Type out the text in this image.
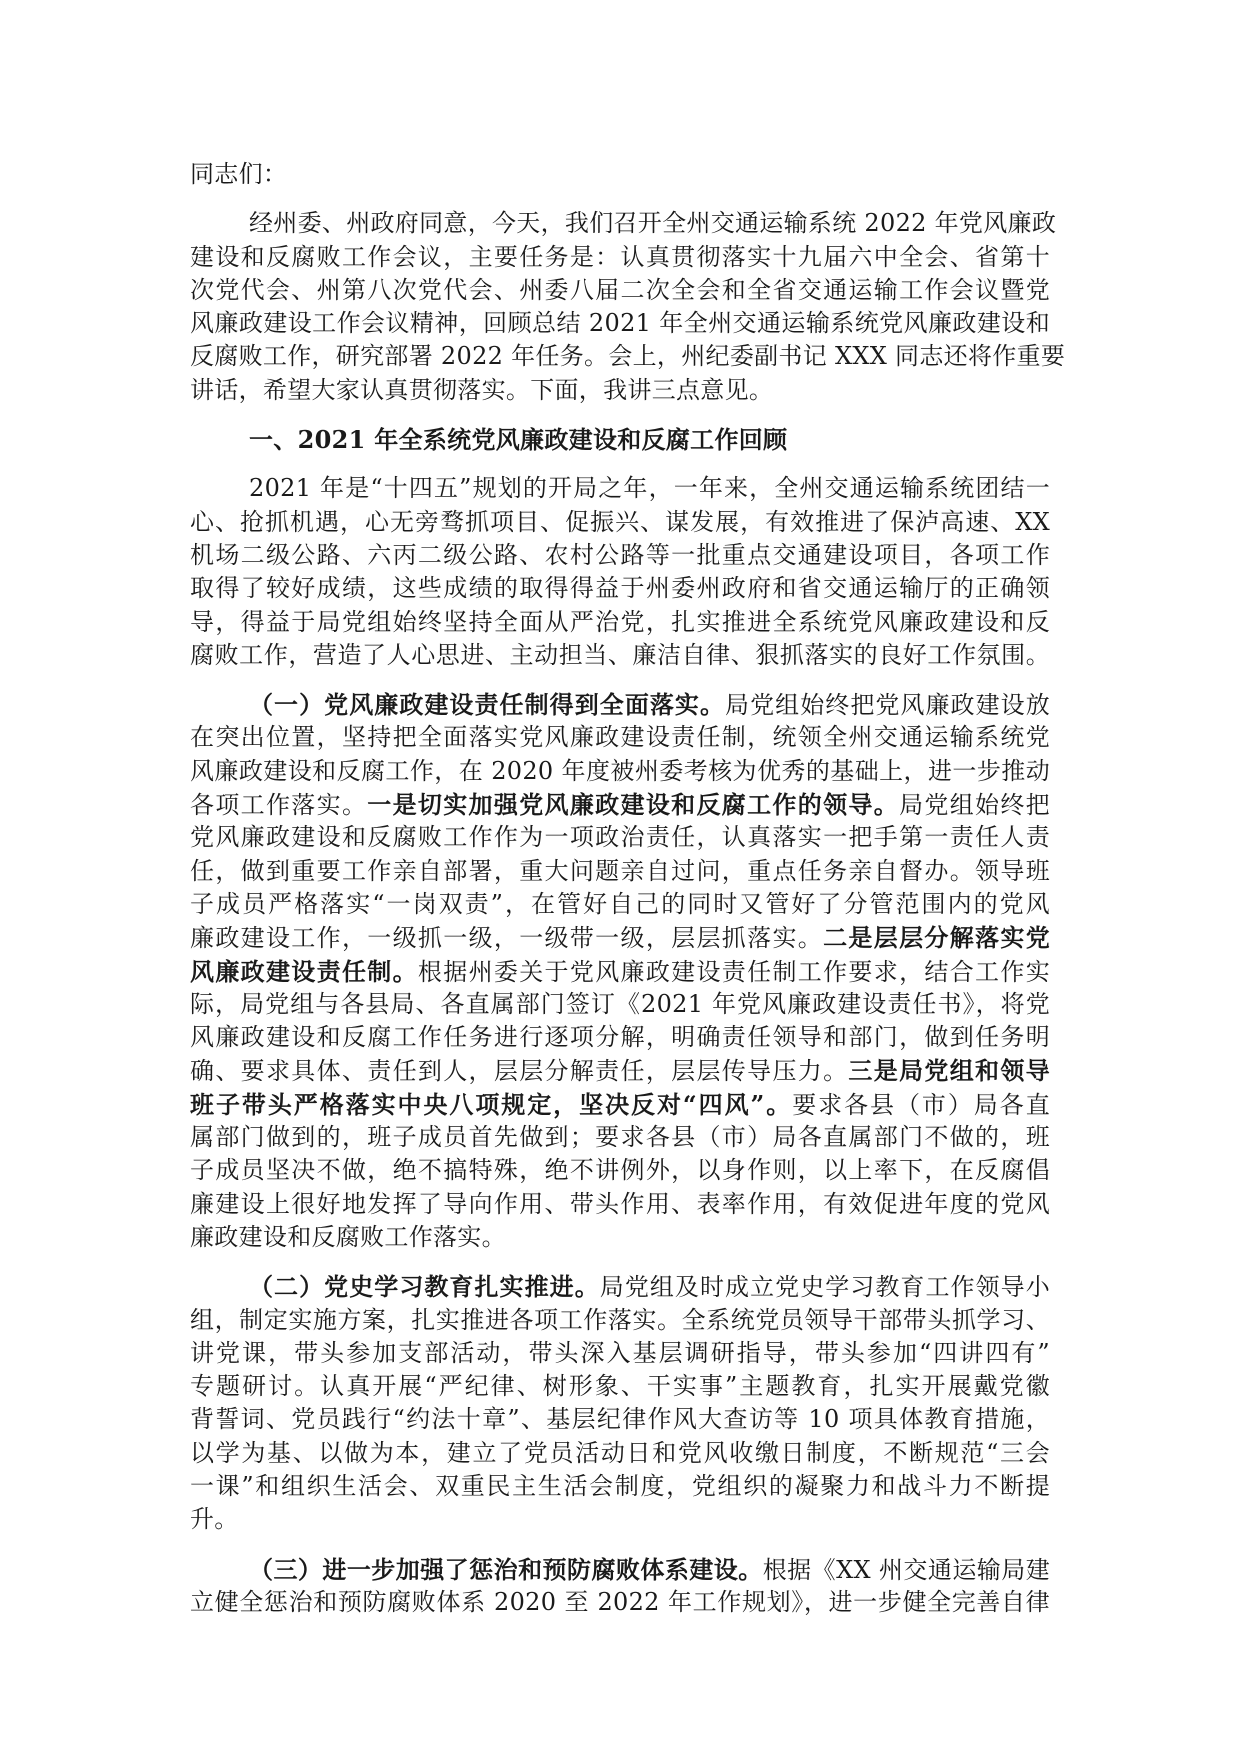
同志们：

经州委、州政府同意，今天，我们召开全州交通运输系统 2022 年党风廉政
建设和反腐败工作会议，主要任务是：认真贯彻落实十九届六中全会、省第十
次党代会、州第八次党代会、州委八届二次全会和全省交通运输工作会议暨党
风廉政建设工作会议精神，回顾总结 2021 年全州交通运输系统党风廉政建设和
反腐败工作，研究部署 2022 年任务。会上，州纪委副书记 XXX 同志还将作重要
讲话，希望大家认真贯彻落实。下面，我讲三点意见。

一、2021 年全系统党风廉政建设和反腐工作回顾

2021 年是“十四五”规划的开局之年，一年来，全州交通运输系统团结一
心、抢抓机遇，心无旁骛抓项目、促振兴、谋发展，有效推进了保泸高速、XX
机场二级公路、六丙二级公路、农村公路等一批重点交通建设项目，各项工作
取得了较好成绩，这些成绩的取得得益于州委州政府和省交通运输厅的正确领
导，得益于局党组始终坚持全面从严治党，扎实推进全系统党风廉政建设和反
腐败工作，营造了人心思进、主动担当、廉洁自律、狠抓落实的良好工作氛围。

（一）党风廉政建设责任制得到全面落实。局党组始终把党风廉政建设放
在突出位置，坚持把全面落实党风廉政建设责任制，统领全州交通运输系统党
风廉政建设和反腐工作，在 2020 年度被州委考核为优秀的基础上，进一步推动
各项工作落实。一是切实加强党风廉政建设和反腐工作的领导。局党组始终把
党风廉政建设和反腐败工作作为一项政治责任，认真落实一把手第一责任人责
任，做到重要工作亲自部署，重大问题亲自过问，重点任务亲自督办。领导班
子成员严格落实“一岗双责”，在管好自己的同时又管好了分管范围内的党风
廉政建设工作，一级抓一级，一级带一级，层层抓落实。二是层层分解落实党
风廉政建设责任制。根据州委关于党风廉政建设责任制工作要求，结合工作实
际，局党组与各县局、各直属部门签订《2021 年党风廉政建设责任书》，将党
风廉政建设和反腐工作任务进行逐项分解，明确责任领导和部门，做到任务明
确、要求具体、责任到人，层层分解责任，层层传导压力。三是局党组和领导
班子带头严格落实中央八项规定，坚决反对“四风”。要求各县（市）局各直
属部门做到的，班子成员首先做到；要求各县（市）局各直属部门不做的，班
子成员坚决不做，绝不搞特殊，绝不讲例外，以身作则，以上率下，在反腐倡
廉建设上很好地发挥了导向作用、带头作用、表率作用，有效促进年度的党风
廉政建设和反腐败工作落实。

（二）党史学习教育扎实推进。局党组及时成立党史学习教育工作领导小
组，制定实施方案，扎实推进各项工作落实。全系统党员领导干部带头抓学习、
讲党课，带头参加支部活动，带头深入基层调研指导，带头参加“四讲四有”
专题研讨。认真开展“严纪律、树形象、干实事”主题教育，扎实开展戴党徽
背誓词、党员践行“约法十章”、基层纪律作风大查访等 10 项具体教育措施，
以学为基、以做为本，建立了党员活动日和党风收缴日制度，不断规范“三会
一课”和组织生活会、双重民主生活会制度，党组织的凝聚力和战斗力不断提
升。

（三）进一步加强了惩治和预防腐败体系建设。根据《XX 州交通运输局建
立健全惩治和预防腐败体系 2020 至 2022 年工作规划》，进一步健全完善自律
